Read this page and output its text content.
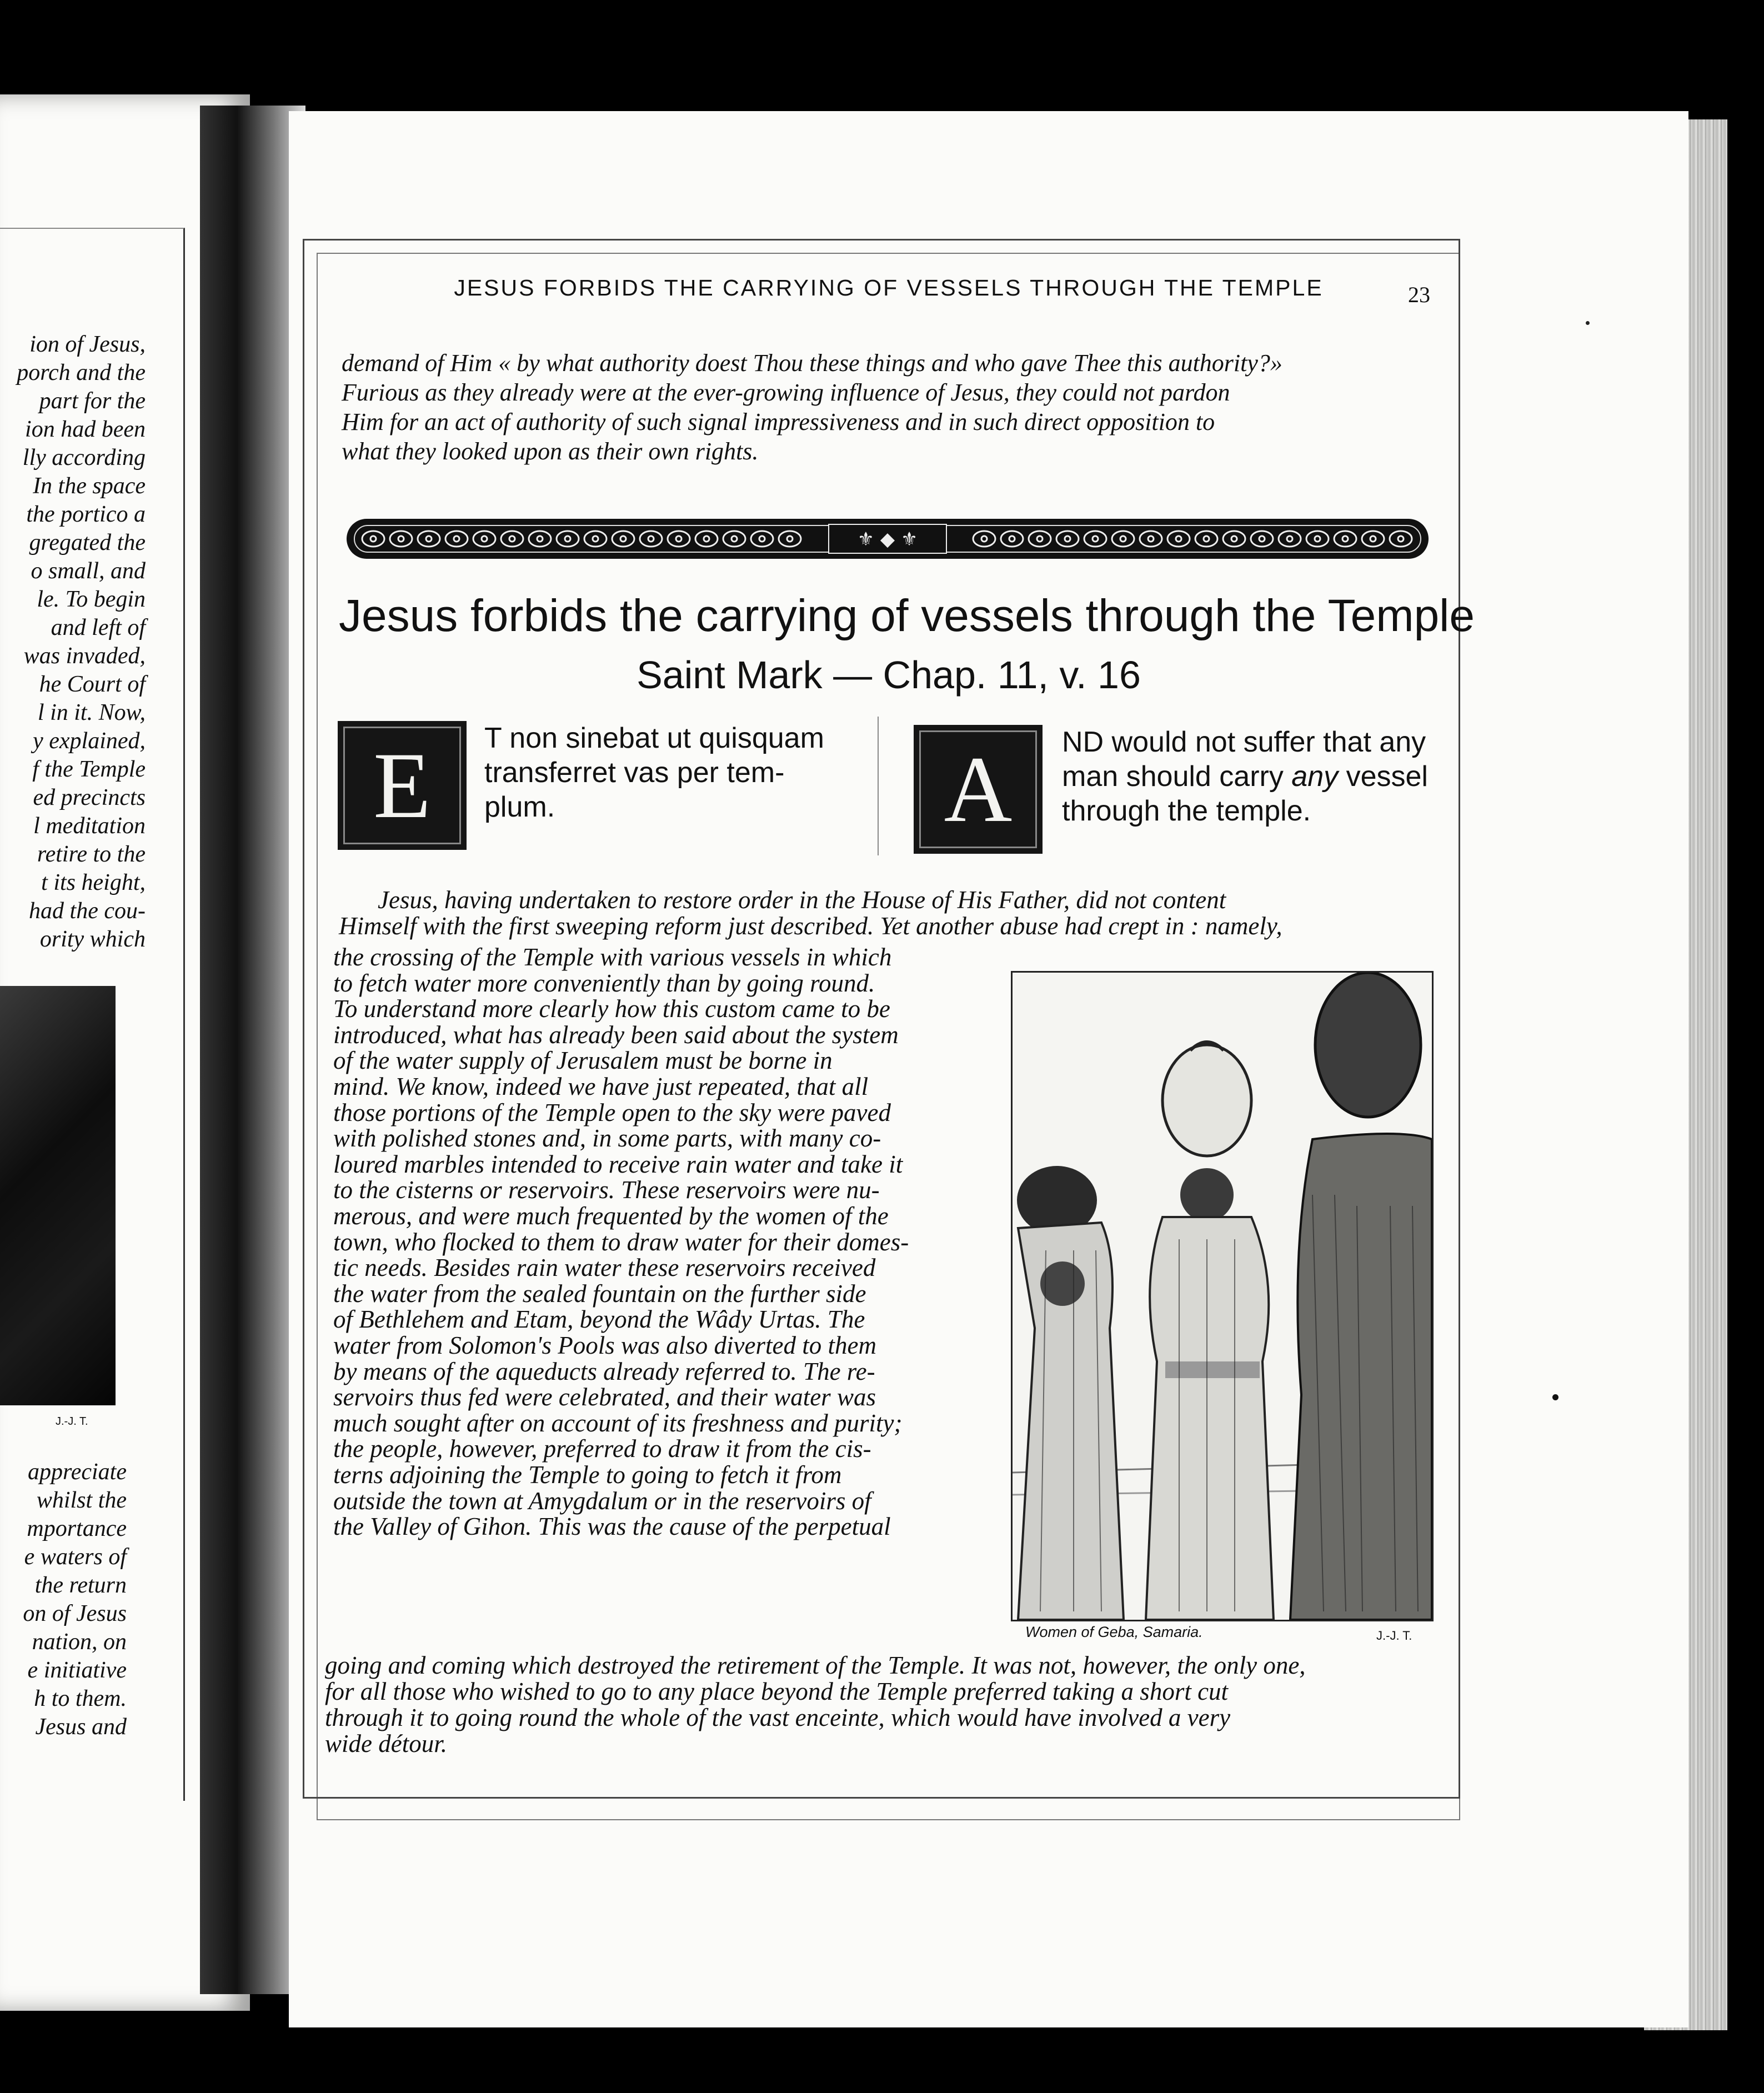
ion of Jesus,
porch and the
part for the
ion had been
lly according
In the space
the portico a
gregated the
o small, and
le. To begin
and left of
was invaded,
he Court of
l in it. Now,
y explained,
f the Temple
ed precincts
l meditation
retire to the
t its height,
had the cou-
ority which
J.-J. T.
appreciate
whilst the
mportance
e waters of
the return
on of Jesus
nation, on
e initiative
h to them.
Jesus and
JESUS FORBIDS THE CARRYING OF VESSELS THROUGH THE TEMPLE	23
demand of Him « by what authority doest Thou these things and who gave Thee this authority?»
Furious as they already were at the ever-growing influence of Jesus, they could not pardon
Him for an act of authority of such signal impressiveness and in such direct opposition to
what they looked upon as their own rights.
⚜ ◆ ⚜
Jesus forbids the carrying of vessels through the Temple
Saint Mark — Chap. 11, v. 16
E T non sinebat ut quisquam
transferret vas per tem-
plum.	A ND would not suffer that any
man should carry any vessel
through the temple.
Jesus, having undertaken to restore order in the House of His Father, did not content
Himself with the first sweeping reform just described. Yet another abuse had crept in : namely,
the crossing of the Temple with various vessels in which
to fetch water more conveniently than by going round.
To understand more clearly how this custom came to be
introduced, what has already been said about the system
of the water supply of Jerusalem must be borne in
mind. We know, indeed we have just repeated, that all
those portions of the Temple open to the sky were paved
with polished stones and, in some parts, with many co-
loured marbles intended to receive rain water and take it
to the cisterns or reservoirs. These reservoirs were nu-
merous, and were much frequented by the women of the
town, who flocked to them to draw water for their domes-
tic needs. Besides rain water these reservoirs received
the water from the sealed fountain on the further side
of Bethlehem and Etam, beyond the Wâdy Urtas. The
water from Solomon's Pools was also diverted to them
by means of the aqueducts already referred to. The re-
servoirs thus fed were celebrated, and their water was
much sought after on account of its freshness and purity;
the people, however, preferred to draw it from the cis-
terns adjoining the Temple to going to fetch it from
outside the town at Amygdalum or in the reservoirs of
the Valley of Gihon. This was the cause of the perpetual
going and coming which destroyed the retirement of the Temple. It was not, however, the only one,
for all those who wished to go to any place beyond the Temple preferred taking a short cut
through it to going round the whole of the vast enceinte, which would have involved a very
wide détour.
Women of Geba, Samaria.	J.-J. T.
